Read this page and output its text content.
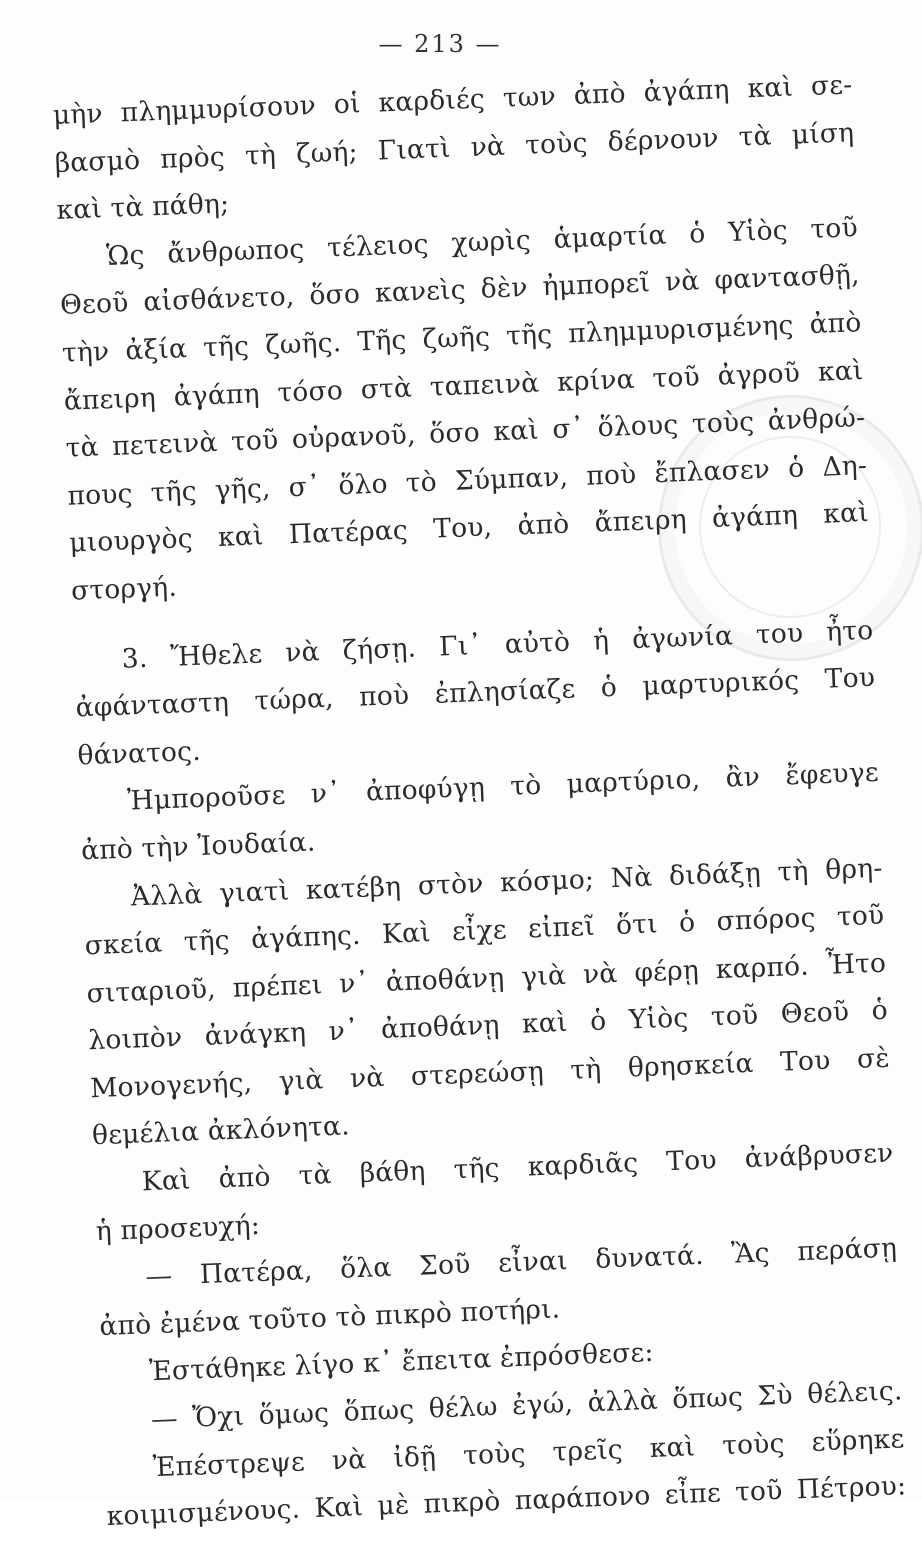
— 213 —
μὴν πλημμυρίσουν οἱ καρδιές των ἀπὸ ἀγάπη καὶ σε-
βασμὸ πρὸς τὴ ζωή; Γιατὶ νὰ τοὺς δέρνουν τὰ μίση
καὶ τὰ πάθη;
Ὡς ἄνθρωπος τέλειος χωρὶς ἁμαρτία ὁ Υἱὸς τοῦ
Θεοῦ αἰσθάνετο, ὅσο κανεὶς δὲν ἠμπορεῖ νὰ φαντασθῇ,
τὴν ἀξία τῆς ζωῆς. Τῆς ζωῆς τῆς πλημμυρισμένης ἀπὸ
ἄπειρη ἀγάπη τόσο στὰ ταπεινὰ κρίνα τοῦ ἀγροῦ καὶ
τὰ πετεινὰ τοῦ οὐρανοῦ, ὅσο καὶ σ᾽ ὅλους τοὺς ἀνθρώ-
πους τῆς γῆς, σ᾽ ὅλο τὸ Σύμπαν, ποὺ ἔπλασεν ὁ Δη-
μιουργὸς καὶ Πατέρας Του, ἀπὸ ἄπειρη ἀγάπη καὶ
στοργή.
3. Ἤθελε νὰ ζήσῃ. Γι᾽ αὐτὸ ἡ ἀγωνία του ἦτο
ἀφάνταστη τώρα, ποὺ ἐπλησίαζε ὁ μαρτυρικός Του
θάνατος.
Ἠμποροῦσε ν᾽ ἀποφύγῃ τὸ μαρτύριο, ἂν ἔφευγε
ἀπὸ τὴν Ἰουδαία.
Ἀλλὰ γιατὶ κατέβη στὸν κόσμο; Νὰ διδάξῃ τὴ θρη-
σκεία τῆς ἀγάπης. Καὶ εἶχε εἰπεῖ ὅτι ὁ σπόρος τοῦ
σιταριοῦ, πρέπει ν᾽ ἀποθάνῃ γιὰ νὰ φέρῃ καρπό. Ἦτο
λοιπὸν ἀνάγκη ν᾽ ἀποθάνῃ καὶ ὁ Υἱὸς τοῦ Θεοῦ ὁ
Μονογενής, γιὰ νὰ στερεώσῃ τὴ θρησκεία Του σὲ
θεμέλια ἀκλόνητα.
Καὶ ἀπὸ τὰ βάθη τῆς καρδιᾶς Του ἀνάβρυσεν
ἡ προσευχή:
— Πατέρα, ὅλα Σοῦ εἶναι δυνατά. Ἂς περάσῃ
ἀπὸ ἐμένα τοῦτο τὸ πικρὸ ποτήρι.
Ἐστάθηκε λίγο κ᾽ ἔπειτα ἐπρόσθεσε:
— Ὄχι ὅμως ὅπως θέλω ἐγώ, ἀλλὰ ὅπως Σὺ θέλεις.
Ἐπέστρεψε νὰ ἰδῇ τοὺς τρεῖς καὶ τοὺς εὕρηκε
κοιμισμένους. Καὶ μὲ πικρὸ παράπονο εἶπε τοῦ Πέτρου:
